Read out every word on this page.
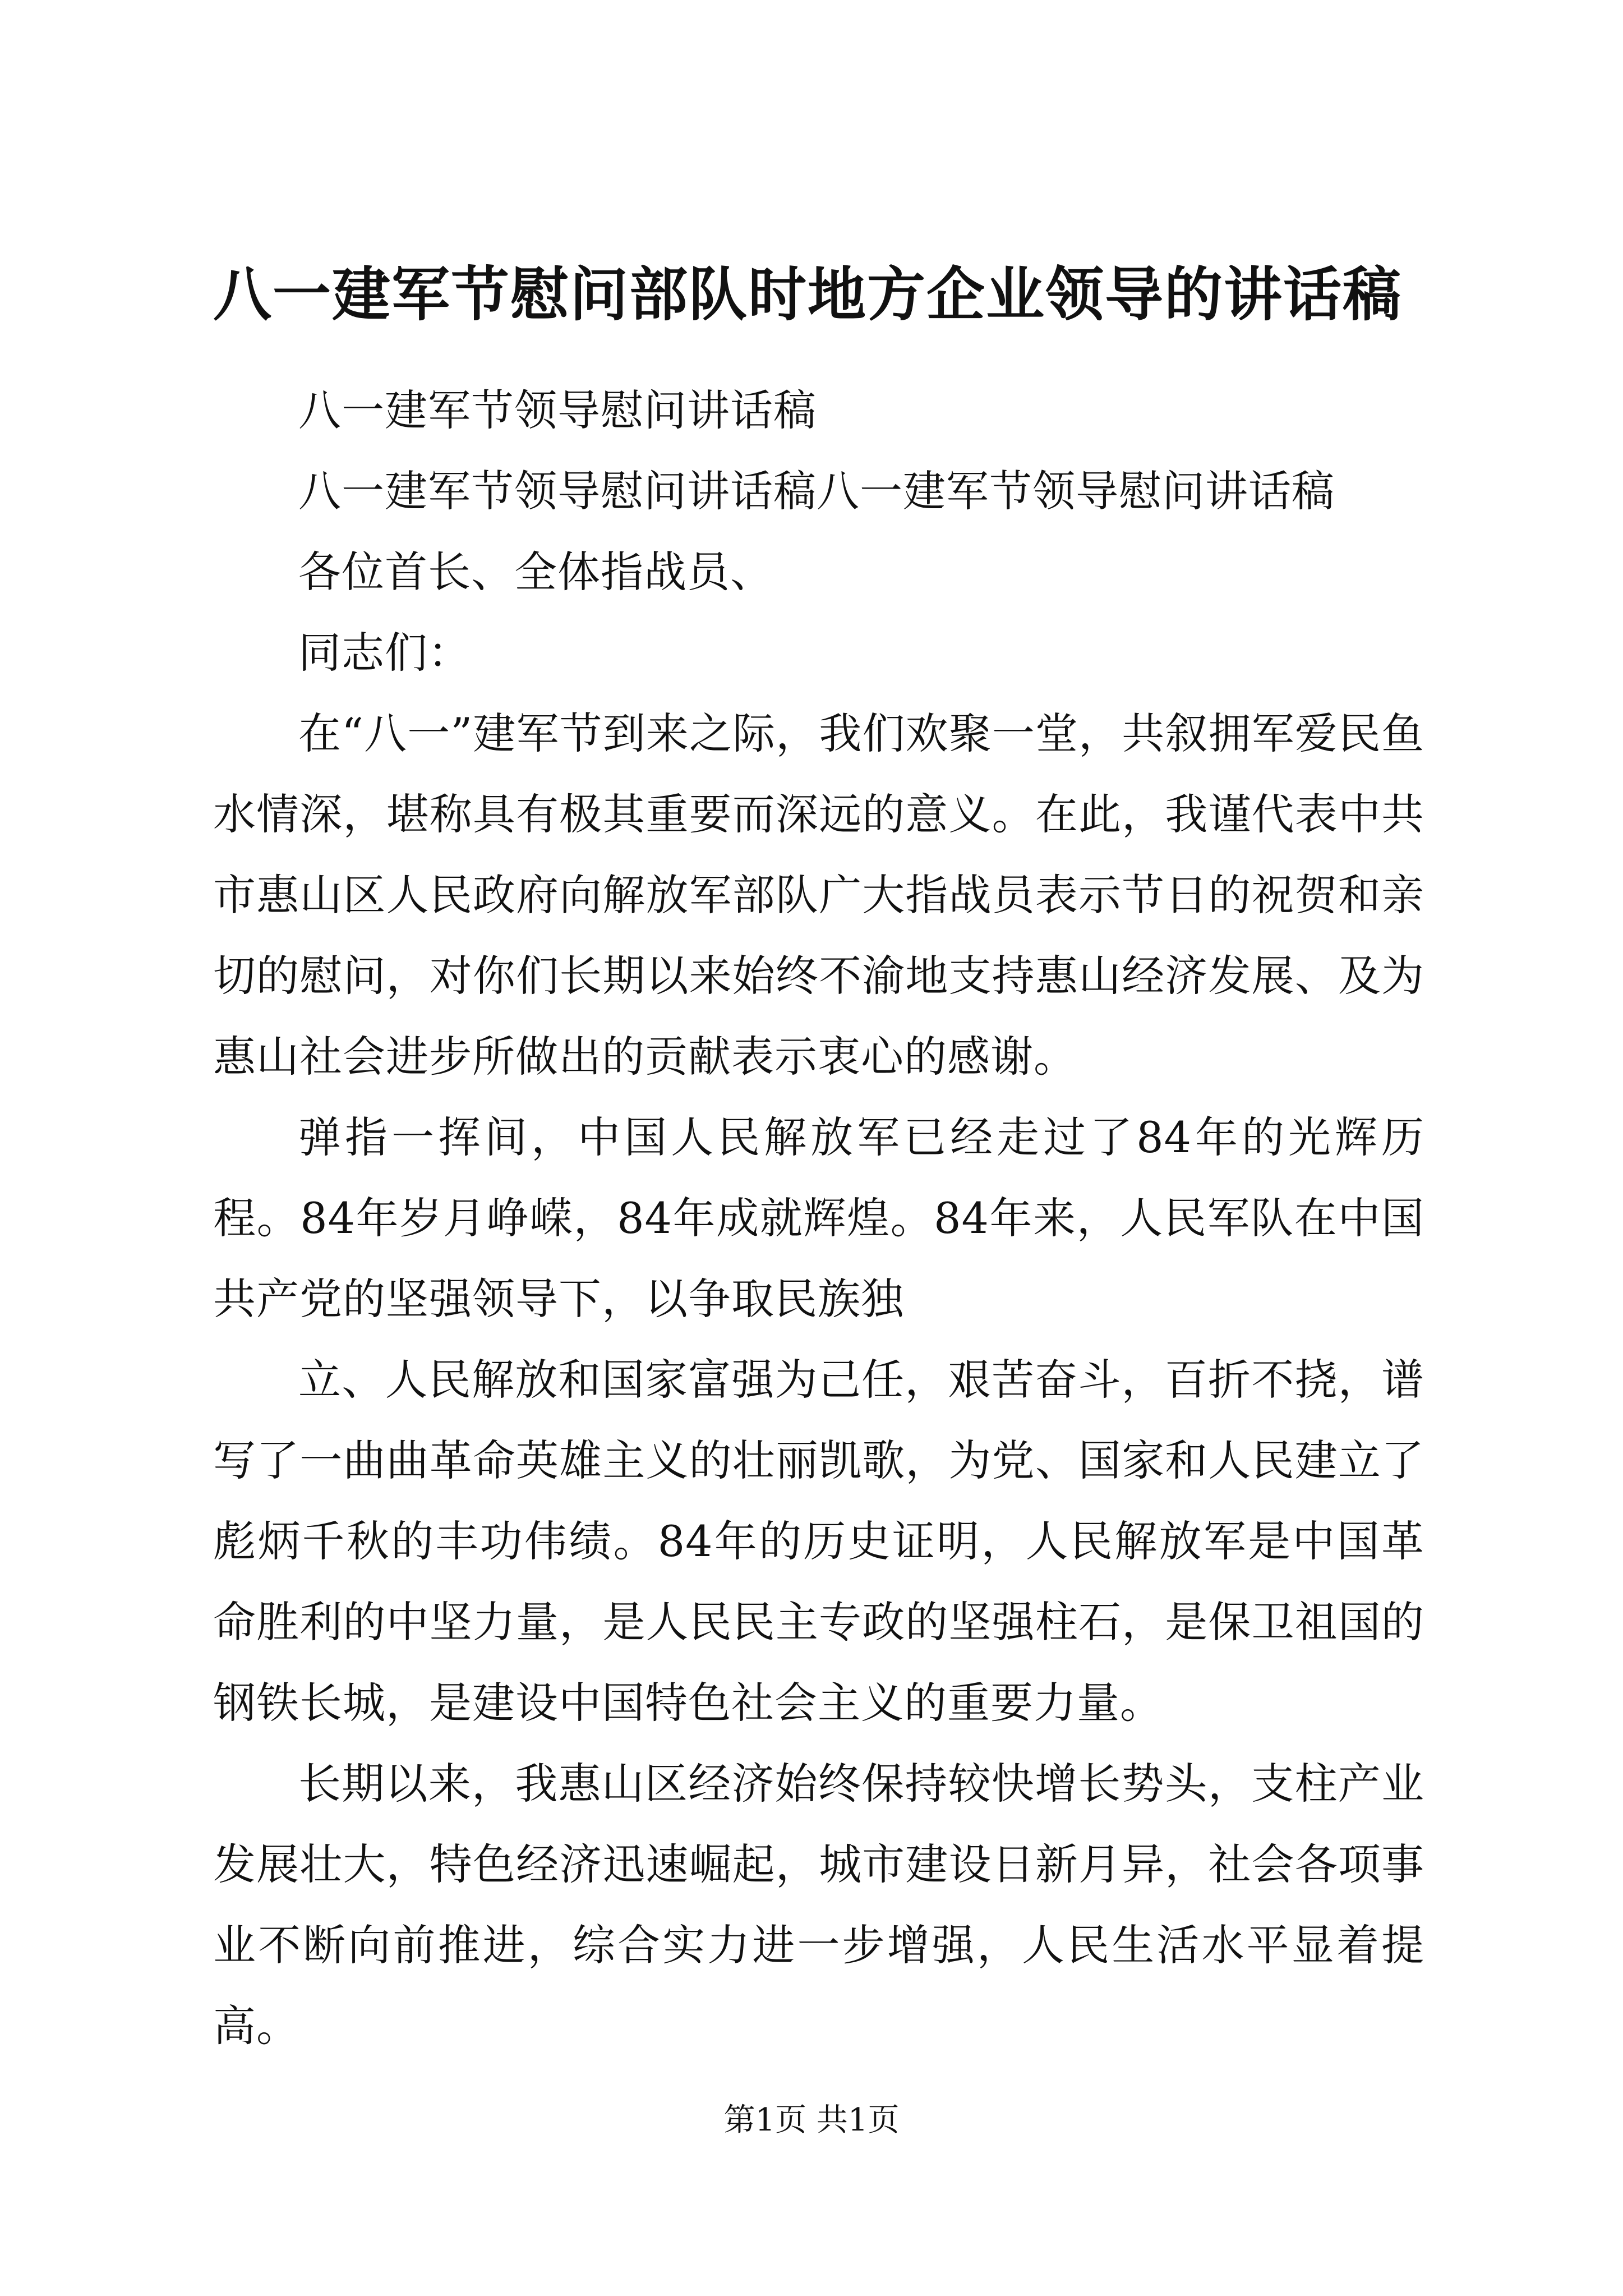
八一建军节慰问部队时地方企业领导的讲话稿

八一建军节领导慰问讲话稿

八一建军节领导慰问讲话稿八一建军节领导慰问讲话稿

各位首长、全体指战员、

同志们：

在“八一”建军节到来之际，我们欢聚一堂，共叙拥军爱民鱼水情深，堪称具有极其重要而深远的意义。在此，我谨代表中共市惠山区人民政府向解放军部队广大指战员表示节日的祝贺和亲切的慰问，对你们长期以来始终不渝地支持惠山经济发展、及为惠山社会进步所做出的贡献表示衷心的感谢。

弹指一挥间，中国人民解放军已经走过了84年的光辉历程。84年岁月峥嵘，84年成就辉煌。84年来，人民军队在中国共产党的坚强领导下，以争取民族独

立、人民解放和国家富强为己任，艰苦奋斗，百折不挠，谱写了一曲曲革命英雄主义的壮丽凯歌，为党、国家和人民建立了彪炳千秋的丰功伟绩。84年的历史证明，人民解放军是中国革命胜利的中坚力量，是人民民主专政的坚强柱石，是保卫祖国的钢铁长城，是建设中国特色社会主义的重要力量。

长期以来，我惠山区经济始终保持较快增长势头，支柱产业发展壮大，特色经济迅速崛起，城市建设日新月异，社会各项事业不断向前推进，综合实力进一步增强，人民生活水平显着提高。

第1页 共1页
